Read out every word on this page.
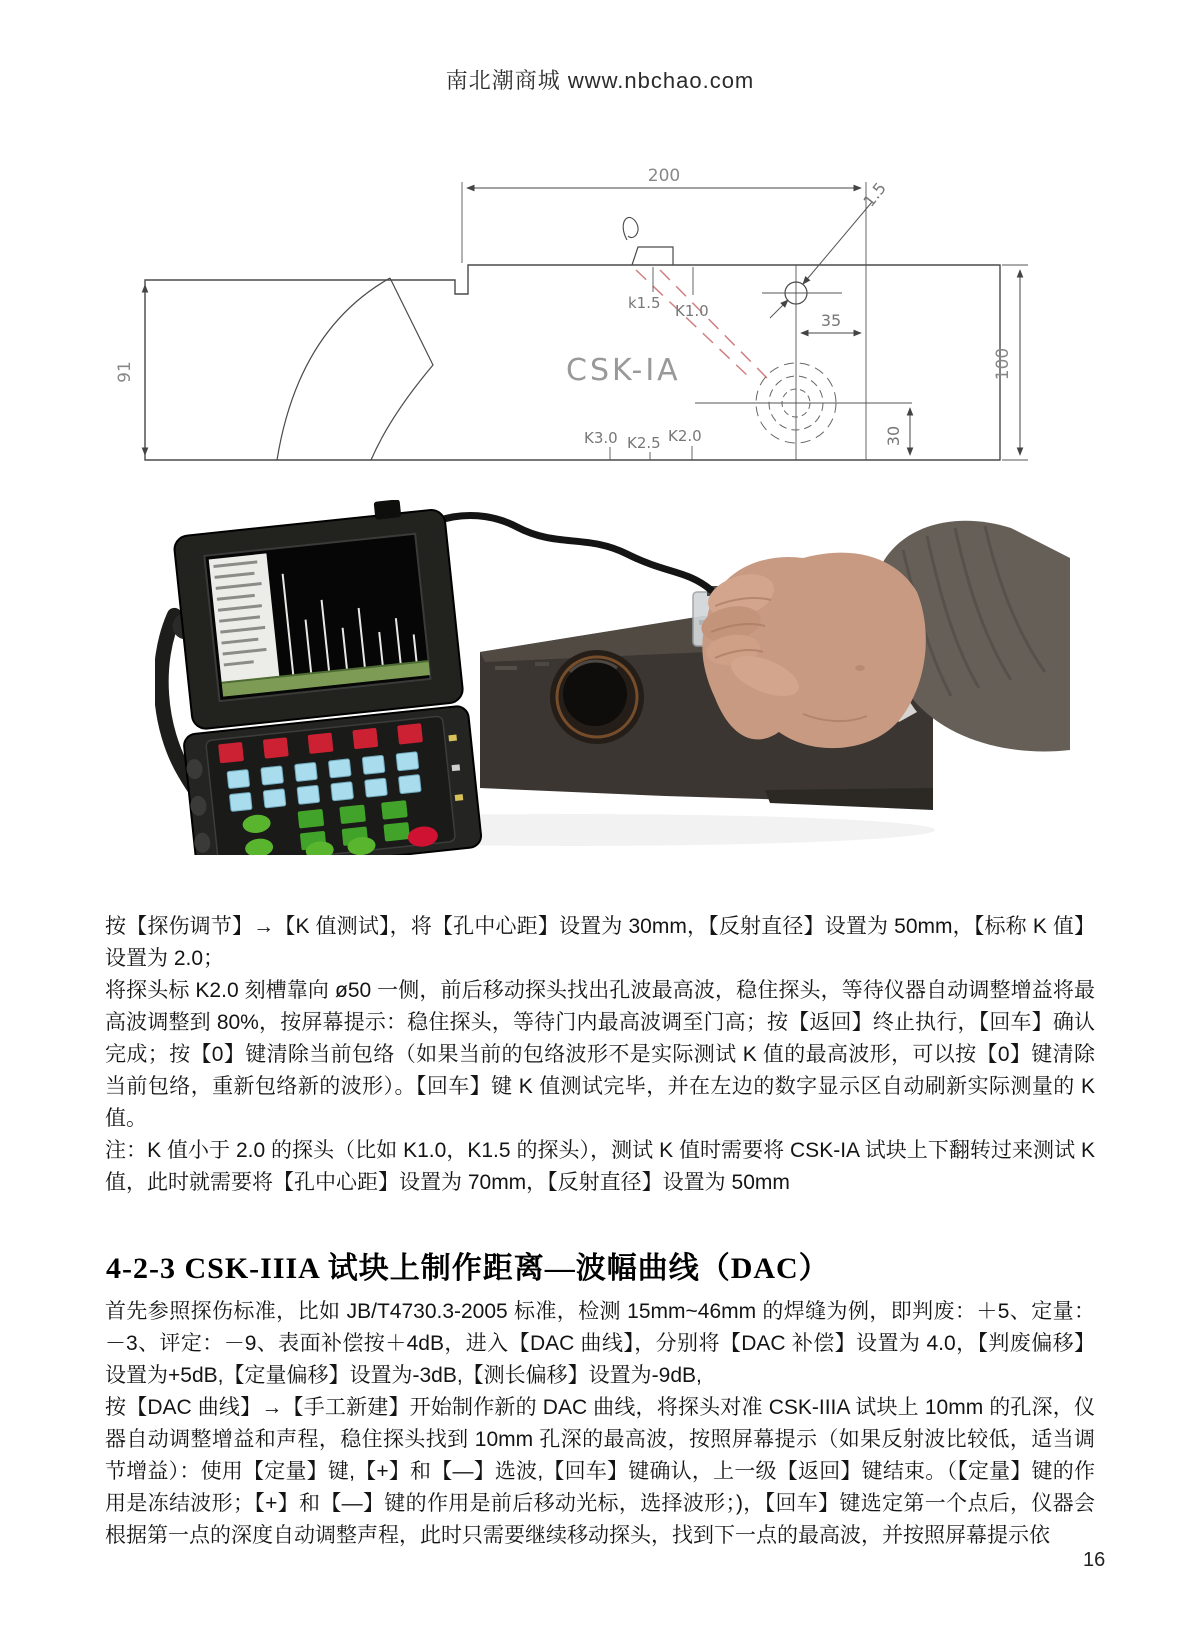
南北潮商城 www.nbchao.com
1.5
200
35
30
100
91
k1.5 K1.0
K3.0 K2.5 K2.0
CSK-IA

按【探伤调节】→【K 值测试】，将【孔中心距】设置为 30mm，【反射直径】设置为 50mm，【标称 K 值】设置为 2.0；

将探头标 K2.0 刻槽靠向 ø50 一侧，前后移动探头找出孔波最高波，稳住探头，等待仪器自动调整增益将最高波调整到 80%，按屏幕提示：稳住探头，等待门内最高波调至门高；按【返回】终止执行，【回车】确认完成；按【0】键清除当前包络（如果当前的包络波形不是实际测试 K 值的最高波形，可以按【0】键清除当前包络，重新包络新的波形）。【回车】键 K 值测试完毕，并在左边的数字显示区自动刷新实际测量的 K 值。

注：K 值小于 2.0 的探头（比如 K1.0，K1.5 的探头），测试 K 值时需要将 CSK-IA 试块上下翻转过来测试 K 值，此时就需要将【孔中心距】设置为 70mm，【反射直径】设置为 50mm

4-2-3 CSK-IIIA 试块上制作距离—波幅曲线（DAC）

首先参照探伤标准，比如 JB/T4730.3-2005 标准，检测 15mm~46mm 的焊缝为例，即判废：＋5、定量：－3、评定：－9、表面补偿按＋4dB，进入【DAC 曲线】，分别将【DAC 补偿】设置为 4.0，【判废偏移】设置为+5dB,【定量偏移】设置为-3dB,【测长偏移】设置为-9dB,

按【DAC 曲线】→【手工新建】开始制作新的 DAC 曲线，将探头对准 CSK-IIIA 试块上 10mm 的孔深，仪器自动调整增益和声程，稳住探头找到 10mm 孔深的最高波，按照屏幕提示（如果反射波比较低，适当调节增益）：使用【定量】键,【+】和【—】选波,【回车】键确认，上一级【返回】键结束。（【定量】键的作用是冻结波形；【+】和【—】键的作用是前后移动光标，选择波形；)，【回车】键选定第一个点后，仪器会根据第一点的深度自动调整声程，此时只需要继续移动探头，找到下一点的最高波，并按照屏幕提示依

16
